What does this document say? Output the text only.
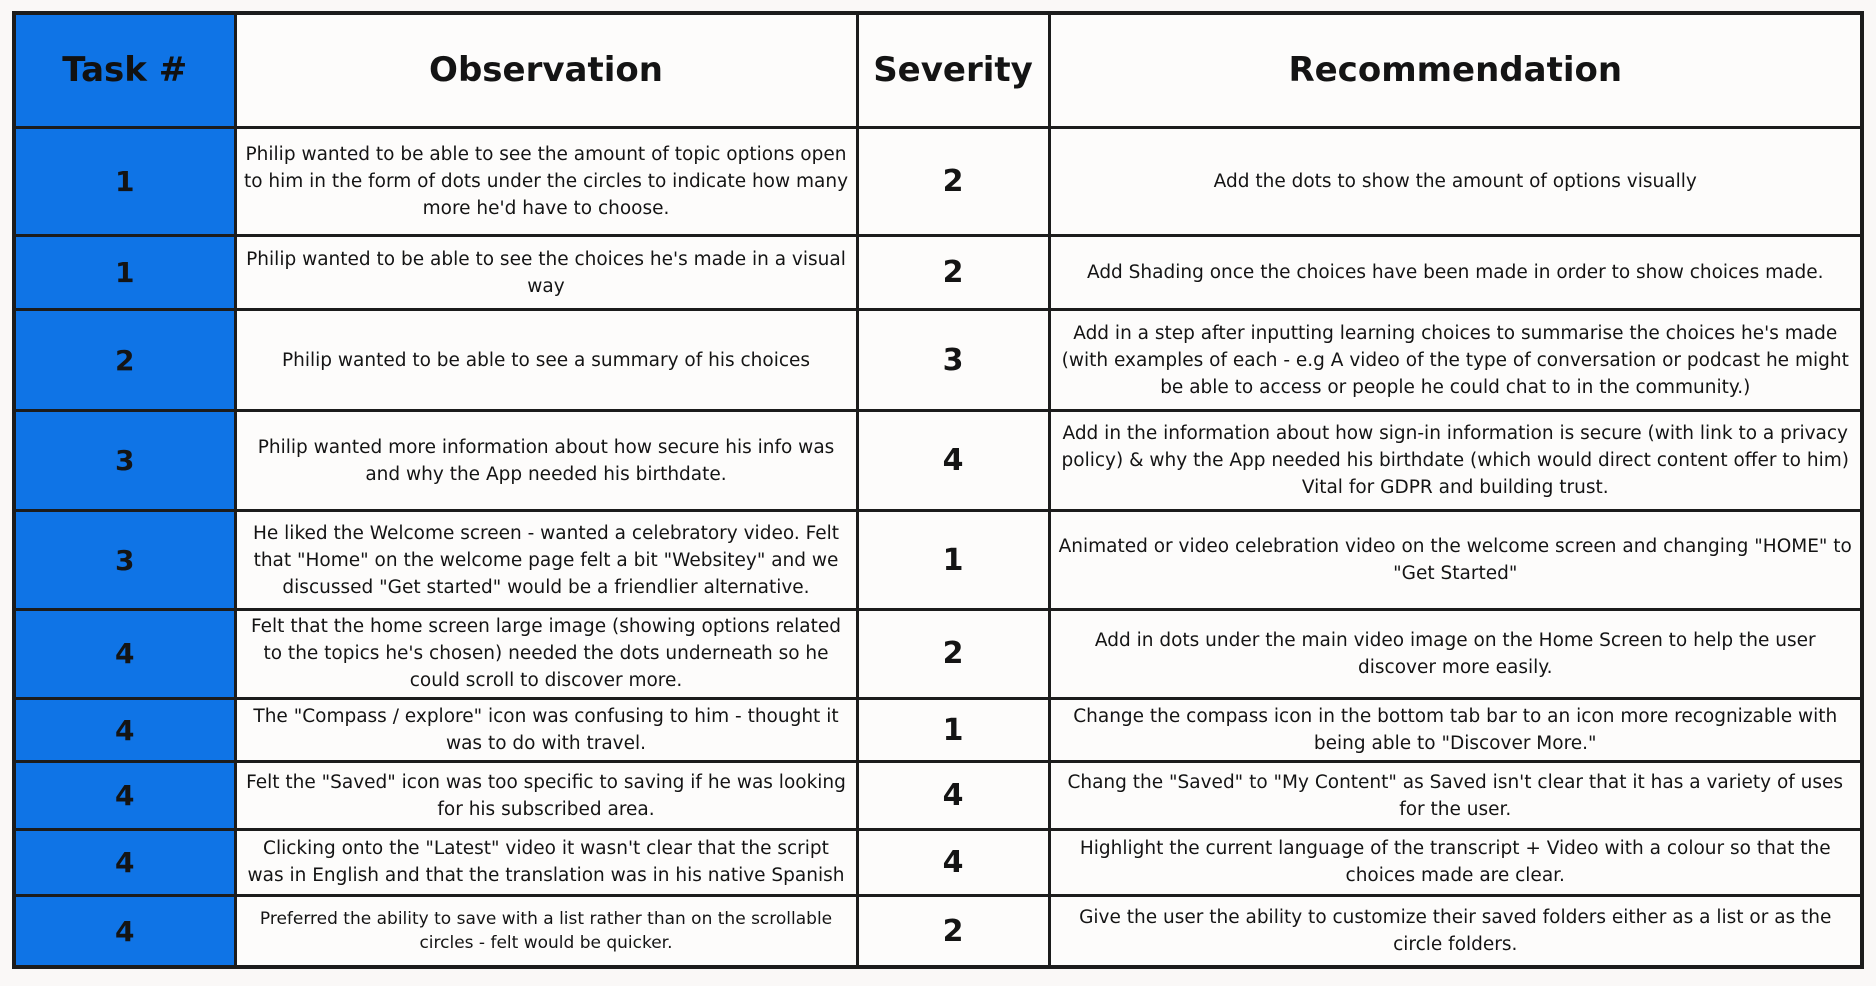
Task #	Observation	Severity	Recommendation
1	Philip wanted to be able to see the amount of topic options open to him in the form of dots under the circles to indicate how many more he'd have to choose.	2	Add the dots to show the amount of options visually
1	Philip wanted to be able to see the choices he's made in a visual way	2	Add Shading once the choices have been made in order to show choices made.
2	Philip wanted to be able to see a summary of his choices	3	Add in a step after inputting learning choices to summarise the choices he's made (with examples of each - e.g A video of the type of conversation or podcast he might be able to access or people he could chat to in the community.)
3	Philip wanted more information about how secure his info was and why the App needed his birthdate.	4	Add in the information about how sign-in information is secure (with link to a privacy policy) & why the App needed his birthdate (which would direct content offer to him) Vital for GDPR and building trust.
3	He liked the Welcome screen - wanted a celebratory video. Felt that "Home" on the welcome page felt a bit "Websitey" and we discussed "Get started" would be a friendlier alternative.	1	Animated or video celebration video on the welcome screen and changing "HOME" to "Get Started"
4	Felt that the home screen large image (showing options related to the topics he's chosen) needed the dots underneath so he could scroll to discover more.	2	Add in dots under the main video image on the Home Screen to help the user discover more easily.
4	The "Compass / explore" icon was confusing to him - thought it was to do with travel.	1	Change the compass icon in the bottom tab bar to an icon more recognizable with being able to "Discover More."
4	Felt the "Saved" icon was too specific to saving if he was looking for his subscribed area.	4	Chang the "Saved" to "My Content" as Saved isn't clear that it has a variety of uses for the user.
4	Clicking onto the "Latest" video it wasn't clear that the script was in English and that the translation was in his native Spanish	4	Highlight the current language of the transcript + Video with a colour so that the choices made are clear.
4	Preferred the ability to save with a list rather than on the scrollable circles - felt would be quicker.	2	Give the user the ability to customize their saved folders either as a list or as the circle folders.
